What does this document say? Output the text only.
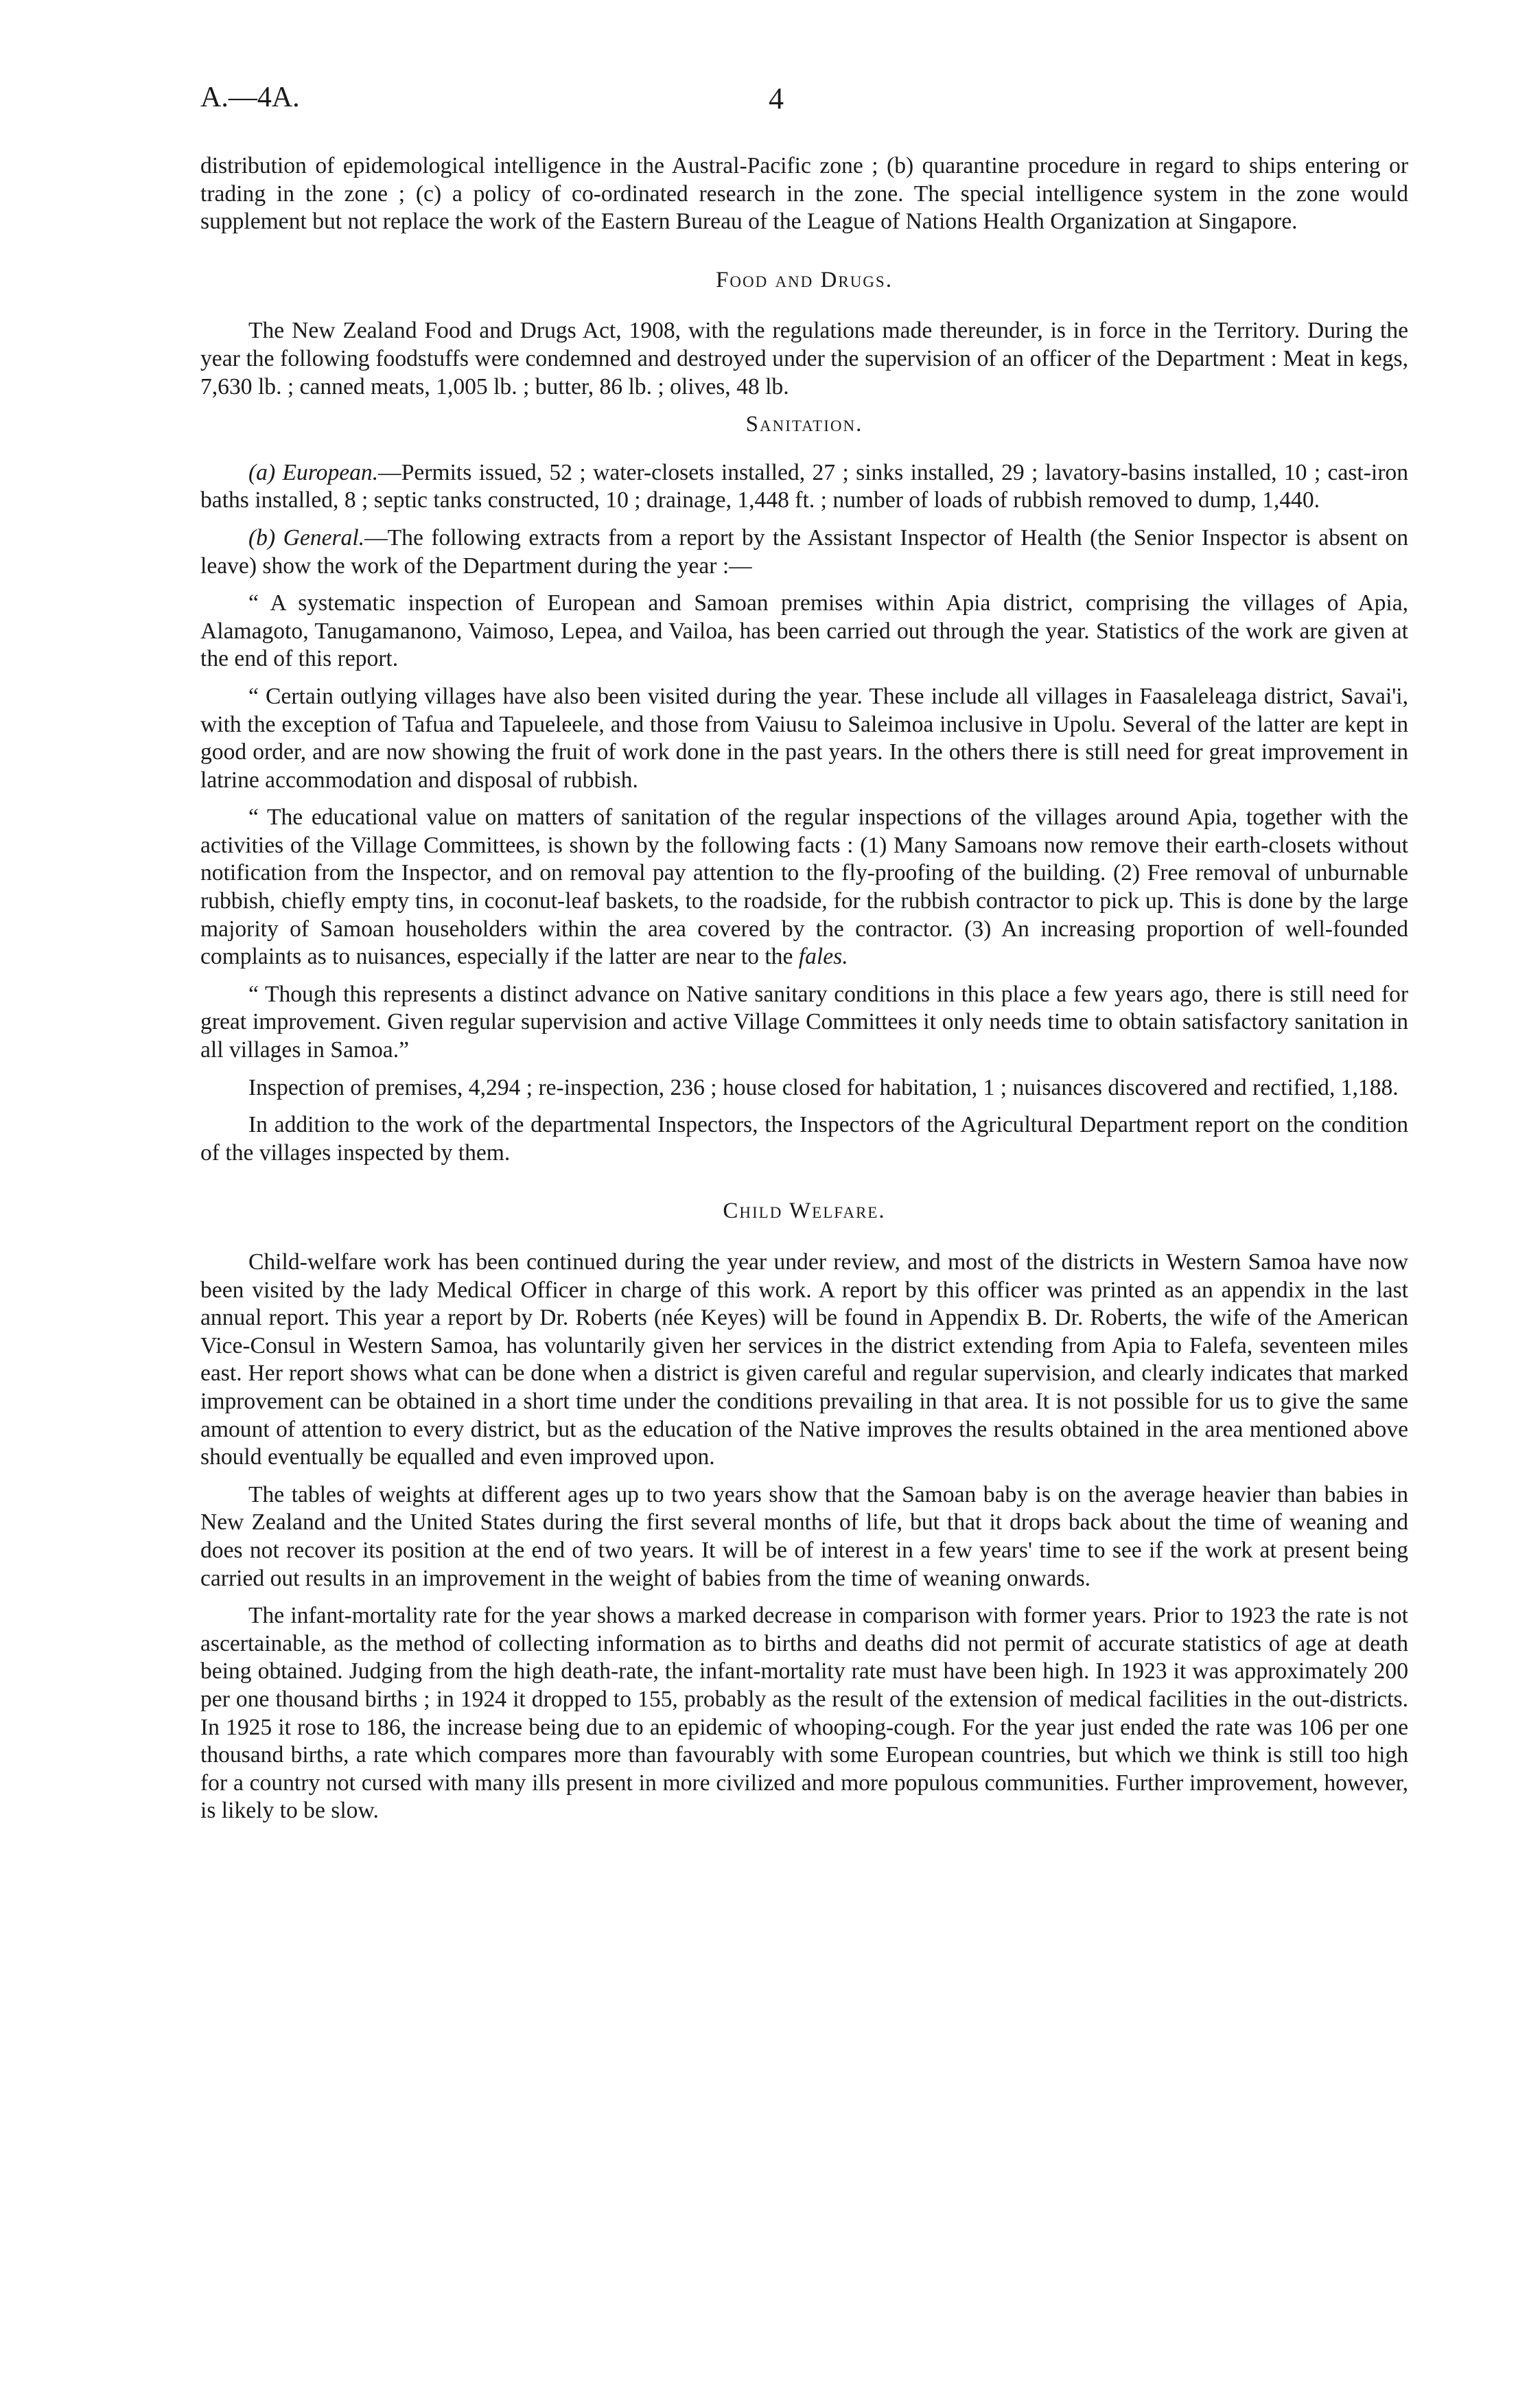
A.—4A.	4

distribution of epidemological intelligence in the Austral-Pacific zone ; (b) quarantine procedure in regard to ships entering or trading in the zone ; (c) a policy of co-ordinated research in the zone. The special intelligence system in the zone would supplement but not replace the work of the Eastern Bureau of the League of Nations Health Organization at Singapore.

Food and Drugs.

The New Zealand Food and Drugs Act, 1908, with the regulations made thereunder, is in force in the Territory. During the year the following foodstuffs were condemned and destroyed under the supervision of an officer of the Department : Meat in kegs, 7,630 lb. ; canned meats, 1,005 lb. ; butter, 86 lb. ; olives, 48 lb.

Sanitation.

(a) European.—Permits issued, 52 ; water-closets installed, 27 ; sinks installed, 29 ; lavatory-basins installed, 10 ; cast-iron baths installed, 8 ; septic tanks constructed, 10 ; drainage, 1,448 ft. ; number of loads of rubbish removed to dump, 1,440.

(b) General.—The following extracts from a report by the Assistant Inspector of Health (the Senior Inspector is absent on leave) show the work of the Department during the year :—

“ A systematic inspection of European and Samoan premises within Apia district, comprising the villages of Apia, Alamagoto, Tanugamanono, Vaimoso, Lepea, and Vailoa, has been carried out through the year. Statistics of the work are given at the end of this report.

“ Certain outlying villages have also been visited during the year. These include all villages in Faasaleleaga district, Savai'i, with the exception of Tafua and Tapueleele, and those from Vaiusu to Saleimoa inclusive in Upolu. Several of the latter are kept in good order, and are now showing the fruit of work done in the past years. In the others there is still need for great improvement in latrine accommodation and disposal of rubbish.

“ The educational value on matters of sanitation of the regular inspections of the villages around Apia, together with the activities of the Village Committees, is shown by the following facts : (1) Many Samoans now remove their earth-closets without notification from the Inspector, and on removal pay attention to the fly-proofing of the building. (2) Free removal of unburnable rubbish, chiefly empty tins, in coconut-leaf baskets, to the roadside, for the rubbish contractor to pick up. This is done by the large majority of Samoan householders within the area covered by the contractor. (3) An increasing proportion of well-founded complaints as to nuisances, especially if the latter are near to the fales.

“ Though this represents a distinct advance on Native sanitary conditions in this place a few years ago, there is still need for great improvement. Given regular supervision and active Village Committees it only needs time to obtain satisfactory sanitation in all villages in Samoa.”

Inspection of premises, 4,294 ; re-inspection, 236 ; house closed for habitation, 1 ; nuisances discovered and rectified, 1,188.

In addition to the work of the departmental Inspectors, the Inspectors of the Agricultural Department report on the condition of the villages inspected by them.

Child Welfare.

Child-welfare work has been continued during the year under review, and most of the districts in Western Samoa have now been visited by the lady Medical Officer in charge of this work. A report by this officer was printed as an appendix in the last annual report. This year a report by Dr. Roberts (née Keyes) will be found in Appendix B. Dr. Roberts, the wife of the American Vice-Consul in Western Samoa, has voluntarily given her services in the district extending from Apia to Falefa, seventeen miles east. Her report shows what can be done when a district is given careful and regular supervision, and clearly indicates that marked improvement can be obtained in a short time under the conditions prevailing in that area. It is not possible for us to give the same amount of attention to every district, but as the education of the Native improves the results obtained in the area mentioned above should eventually be equalled and even improved upon.

The tables of weights at different ages up to two years show that the Samoan baby is on the average heavier than babies in New Zealand and the United States during the first several months of life, but that it drops back about the time of weaning and does not recover its position at the end of two years. It will be of interest in a few years' time to see if the work at present being carried out results in an improvement in the weight of babies from the time of weaning onwards.

The infant-mortality rate for the year shows a marked decrease in comparison with former years. Prior to 1923 the rate is not ascertainable, as the method of collecting information as to births and deaths did not permit of accurate statistics of age at death being obtained. Judging from the high death-rate, the infant-mortality rate must have been high. In 1923 it was approximately 200 per one thousand births ; in 1924 it dropped to 155, probably as the result of the extension of medical facilities in the out-districts. In 1925 it rose to 186, the increase being due to an epidemic of whooping-cough. For the year just ended the rate was 106 per one thousand births, a rate which compares more than favourably with some European countries, but which we think is still too high for a country not cursed with many ills present in more civilized and more populous communities. Further improvement, however, is likely to be slow.
